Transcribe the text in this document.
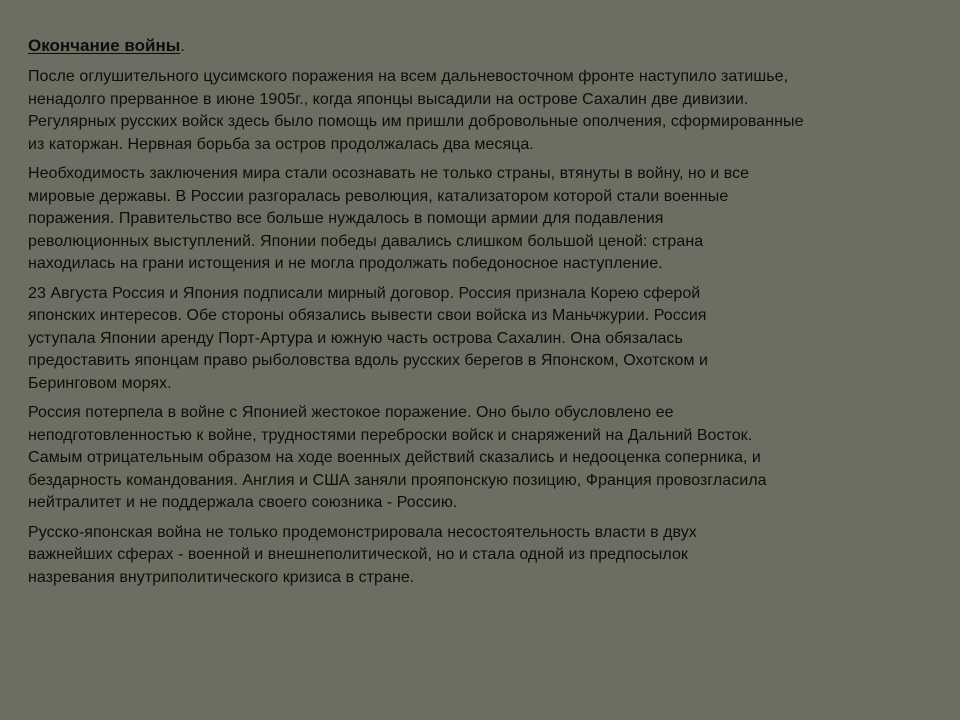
Окончание войны.
После оглушительного цусимского поражения на всем дальневосточном фронте наступило затишье,
ненадолго прерванное в июне 1905г., когда японцы высадили на острове Сахалин две дивизии.
Регулярных русских войск здесь было помощь им пришли добровольные ополчения, сформированные
из каторжан. Нервная борьба за остров продолжалась два месяца.
Необходимость заключения мира стали осознавать не только страны, втянуты в войну, но и все
мировые державы. В России разгоралась революция, катализатором которой стали военные
поражения. Правительство все больше нуждалось в помощи армии для подавления
революционных выступлений. Японии победы давались слишком большой ценой: страна
находилась на грани истощения и не могла продолжать победоносное наступление.
23 Августа Россия и Япония подписали мирный договор. Россия признала Корею сферой
японских интересов. Обе стороны обязались вывести свои войска из Маньчжурии. Россия
уступала Японии аренду Порт-Артура и южную часть острова Сахалин. Она обязалась
предоставить японцам право рыболовства вдоль русских берегов в Японском, Охотском и
Беринговом морях.
Россия потерпела в войне с Японией жестокое поражение. Оно было обусловлено ее
неподготовленностью к войне, трудностями переброски войск и снаряжений на Дальний Восток.
Самым отрицательным образом на ходе военных действий сказались и недооценка соперника, и
бездарность командования. Англия и США заняли прояпонскую позицию, Франция провозгласила
нейтралитет и не поддержала своего союзника - Россию.
Русско-японская война не только продемонстрировала несостоятельность власти в двух
важнейших сферах - военной и внешнеполитической, но и стала одной из предпосылок
назревания внутриполитического кризиса в стране.
